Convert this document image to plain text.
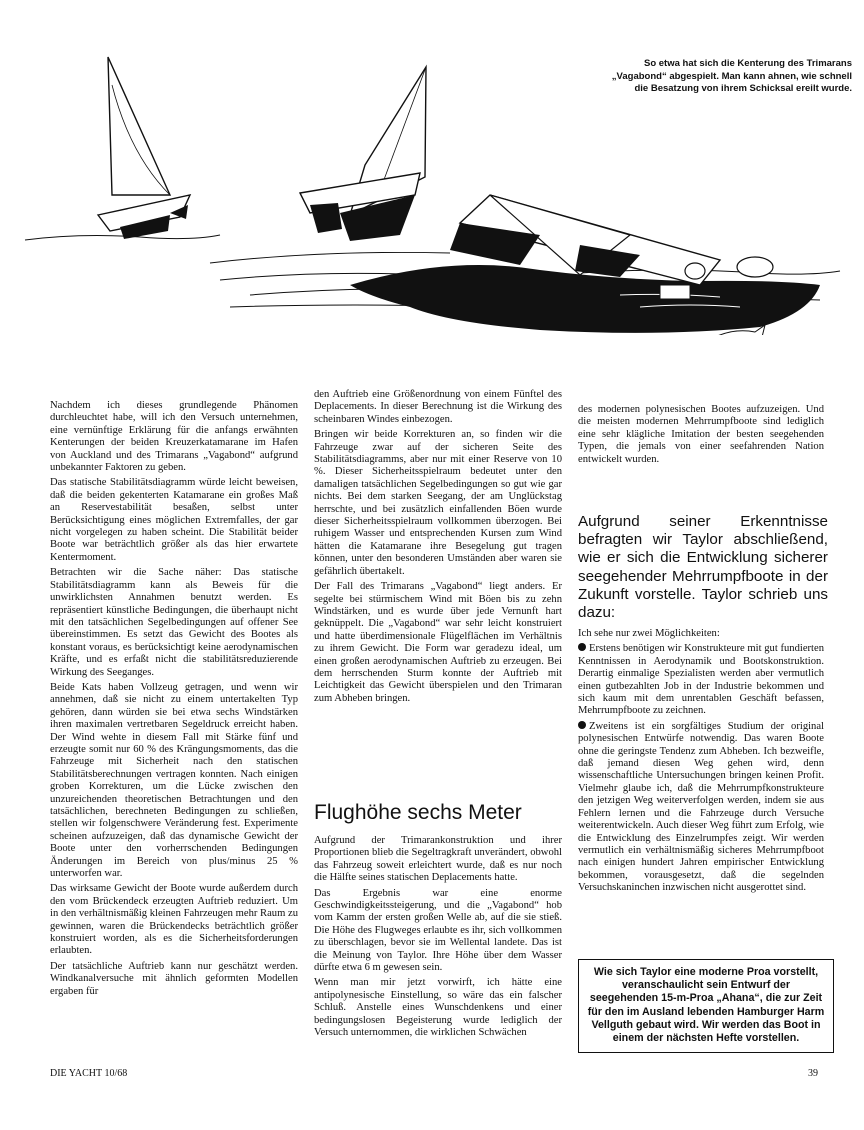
So etwa hat sich die Kenterung des Trimarans „Vagabond“ abgespielt. Man kann ahnen, wie schnell die Besatzung von ihrem Schicksal ereilt wurde.

Nachdem ich dieses grundlegende Phänomen durchleuchtet habe, will ich den Versuch unternehmen, eine vernünftige Erklärung für die anfangs erwähnten Kenterungen der beiden Kreuzerkatamarane im Hafen von Auckland und des Trimarans „Vagabond“ aufgrund unbekannter Faktoren zu geben.

Das statische Stabilitätsdiagramm würde leicht beweisen, daß die beiden gekenterten Katamarane ein großes Maß an Reservestabilität besaßen, selbst unter Berücksichtigung eines möglichen Extremfalles, der gar nicht vorgelegen zu haben scheint. Die Stabilität beider Boote war beträchtlich größer als das hier erwartete Kentermoment.

Betrachten wir die Sache näher: Das statische Stabilitätsdiagramm kann als Beweis für die unwirklichsten Annahmen benutzt werden. Es repräsentiert künstliche Bedingungen, die überhaupt nicht mit den tatsächlichen Segelbedingungen auf offener See übereinstimmen. Es setzt das Gewicht des Bootes als konstant voraus, es berücksichtigt keine aerodynamischen Kräfte, und es erfaßt nicht die stabilitätsreduzierende Wirkung des Seeganges.

Beide Kats haben Vollzeug getragen, und wenn wir annehmen, daß sie nicht zu einem untertakelten Typ gehören, dann würden sie bei etwa sechs Windstärken ihren maximalen vertretbaren Segeldruck erreicht haben. Der Wind wehte in diesem Fall mit Stärke fünf und erzeugte somit nur 60 % des Krängungsmoments, das die Fahrzeuge mit Sicherheit nach den statischen Stabilitätsberechnungen vertragen konnten. Nach einigen groben Korrekturen, um die Lücke zwischen den unzureichenden theoretischen Betrachtungen und den tatsächlichen, berechneten Bedingungen zu schließen, stellen wir folgenschwere Veränderung fest. Experimente scheinen aufzuzeigen, daß das dynamische Gewicht der Boote unter den vorherrschenden Bedingungen Änderungen im Bereich von plus/minus 25 % unterworfen war.

Das wirksame Gewicht der Boote wurde außerdem durch den vom Brückendeck erzeugten Auftrieb reduziert. Um in den verhältnismäßig kleinen Fahrzeugen mehr Raum zu gewinnen, waren die Brückendecks beträchtlich größer konstruiert worden, als es die Sicherheitsforderungen erlaubten.

Der tatsächliche Auftrieb kann nur geschätzt werden. Windkanalversuche mit ähnlich geformten Modellen ergaben für

den Auftrieb eine Größenordnung von einem Fünftel des Deplacements. In dieser Berechnung ist die Wirkung des scheinbaren Windes einbezogen.

Bringen wir beide Korrekturen an, so finden wir die Fahrzeuge zwar auf der sicheren Seite des Stabilitätsdiagramms, aber nur mit einer Reserve von 10 %. Dieser Sicherheitsspielraum bedeutet unter den damaligen tatsächlichen Segelbedingungen so gut wie gar nichts. Bei dem starken Seegang, der am Unglückstag herrschte, und bei zusätzlich einfallenden Böen wurde dieser Sicherheitsspielraum vollkommen überzogen. Bei ruhigem Wasser und entsprechenden Kursen zum Wind hätten die Katamarane ihre Besegelung gut tragen können, unter den besonderen Umständen aber waren sie gefährlich übertakelt.

Der Fall des Trimarans „Vagabond“ liegt anders. Er segelte bei stürmischem Wind mit Böen bis zu zehn Windstärken, und es wurde über jede Vernunft hart geknüppelt. Die „Vagabond“ war sehr leicht konstruiert und hatte überdimensionale Flügelflächen im Verhältnis zu ihrem Gewicht. Die Form war geradezu ideal, um einen großen aerodynamischen Auftrieb zu erzeugen. Bei dem herrschenden Sturm konnte der Auftrieb mit Leichtigkeit das Gewicht überspielen und den Trimaran zum Abheben bringen.

Flughöhe sechs Meter

Aufgrund der Trimarankonstruktion und ihrer Proportionen blieb die Segeltragkraft unverändert, obwohl das Fahrzeug soweit erleichtert wurde, daß es nur noch die Hälfte seines statischen Deplacements hatte.

Das Ergebnis war eine enorme Geschwindigkeitssteigerung, und die „Vagabond“ hob vom Kamm der ersten großen Welle ab, auf die sie stieß. Die Höhe des Flugweges erlaubte es ihr, sich vollkommen zu überschlagen, bevor sie im Wellental landete. Das ist die Meinung von Taylor. Ihre Höhe über dem Wasser dürfte etwa 6 m gewesen sein.

Wenn man mir jetzt vorwirft, ich hätte eine antipolynesische Einstellung, so wäre das ein falscher Schluß. Anstelle eines Wunschdenkens und einer bedingungslosen Begeisterung wurde lediglich der Versuch unternommen, die wirklichen Schwächen

des modernen polynesischen Bootes aufzuzeigen. Und die meisten modernen Mehrrumpfboote sind lediglich eine sehr klägliche Imitation der besten seegehenden Typen, die jemals von einer seefahrenden Nation entwickelt wurden.

Aufgrund seiner Erkenntnisse befragten wir Taylor abschließend, wie er sich die Entwicklung sicherer seegehender Mehrrumpfboote in der Zukunft vorstelle. Taylor schrieb uns dazu:

Ich sehe nur zwei Möglichkeiten:

Erstens benötigen wir Konstrukteure mit gut fundierten Kenntnissen in Aerodynamik und Bootskonstruktion. Derartig einmalige Spezialisten werden aber vermutlich einen gutbezahlten Job in der Industrie bekommen und sich kaum mit dem unrentablen Geschäft befassen, Mehrrumpfboote zu zeichnen.

Zweitens ist ein sorgfältiges Studium der original polynesischen Entwürfe notwendig. Das waren Boote ohne die geringste Tendenz zum Abheben. Ich bezweifle, daß jemand diesen Weg gehen wird, denn wissenschaftliche Untersuchungen bringen keinen Profit. Vielmehr glaube ich, daß die Mehrrumpfkonstrukteure den jetzigen Weg weiterverfolgen werden, indem sie aus Fehlern lernen und die Fahrzeuge durch Versuche weiterentwickeln. Auch dieser Weg führt zum Erfolg, wie die Entwicklung des Einzelrumpfes zeigt. Wir werden vermutlich ein verhältnismäßig sicheres Mehrrumpfboot nach einigen hundert Jahren empirischer Entwicklung bekommen, vorausgesetzt, daß die segelnden Versuchskaninchen inzwischen nicht ausgerottet sind.

Wie sich Taylor eine moderne Proa vorstellt, veranschaulicht sein Entwurf der seegehenden 15-m-Proa „Ahana“, die zur Zeit für den im Ausland lebenden Hamburger Harm Vellguth gebaut wird. Wir werden das Boot in einem der nächsten Hefte vorstellen.
DIE YACHT 10/68	39
